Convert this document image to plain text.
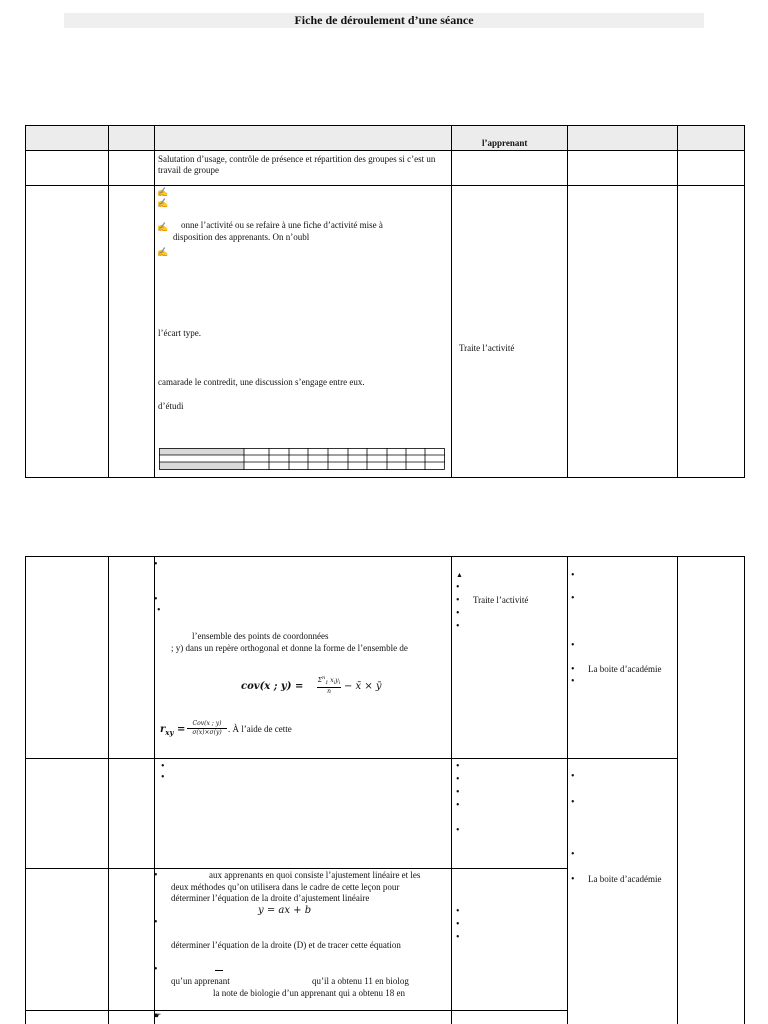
Fiche de déroulement d’une séance
l’apprenant
Salutation d’usage, contrôle de présence et répartition des groupes si c’est un travail de groupe
✍
✍
✍
✍
onne l’activité ou se refaire à une fiche d’activité mise à
disposition des apprenants. On n’oubl
l’écart type.
camarade le contredit, une discussion s’engage entre eux.
d’étudi
Traite l’activité
•
•
•
l’ensemble des points de coordonnées
; y) dans un repère orthogonal et donne la forme de l’ensemble de
cov(x ; y) =
$\Sigma^n_1$ $x_iy_i$
n	− x̄ × ȳ
$r_{xy}$ =
Cov(x ; y)
σ(x)×σ(y) . À l’aide de cette
▲
•
•
Traite l’activité
•
•
•
•
•
•
La boite d’académie
•
•
•
•
•
•
•
•
•
•
•
•
aux apprenants en quoi consiste l’ajustement linéaire et les
deux méthodes qu’on utilisera dans le cadre de cette leçon pour
déterminer l’équation de la droite d’ajustement linéaire
y = ax + b
•
déterminer l’équation de la droite (D) et de tracer cette équation
•
qu’un apprenant	qu’il a obtenu 11 en biolog
la note de biologie d’un apprenant qui a obtenu 18 en
•
•
•
•
La boite d’académie
☛
